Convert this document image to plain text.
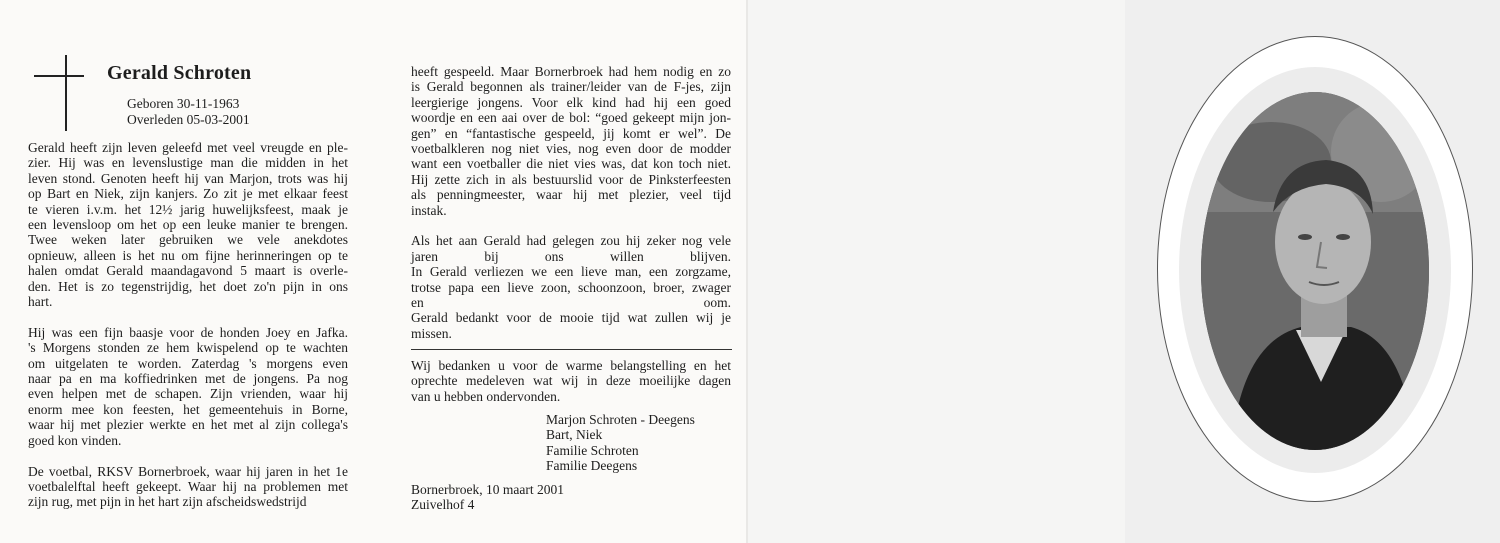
Gerald Schroten
Geboren 30-11-1963
Overleden 05-03-2001

Gerald heeft zijn leven geleefd met veel vreugde en ple-
zier. Hij was en levenslustige man die midden in het
leven stond. Genoten heeft hij van Marjon, trots was hij
op Bart en Niek, zijn kanjers. Zo zit je met elkaar feest
te vieren i.v.m. het 12½ jarig huwelijksfeest, maak je
een levensloop om het op een leuke manier te brengen.
Twee weken later gebruiken we vele anekdotes
opnieuw, alleen is het nu om fijne herinneringen op te
halen omdat Gerald maandagavond 5 maart is overle-
den. Het is zo tegenstrijdig, het doet zo'n pijn in ons
hart.

Hij was een fijn baasje voor de honden Joey en Jafka.
's Morgens stonden ze hem kwispelend op te wachten
om uitgelaten te worden. Zaterdag 's morgens even
naar pa en ma koffiedrinken met de jongens. Pa nog
even helpen met de schapen. Zijn vrienden, waar hij
enorm mee kon feesten, het gemeentehuis in Borne,
waar hij met plezier werkte en het met al zijn collega's
goed kon vinden.

De voetbal, RKSV Bornerbroek, waar hij jaren in het 1e
voetbalelftal heeft gekeept. Waar hij na problemen met
zijn rug, met pijn in het hart zijn afscheidswedstrijd

heeft gespeeld. Maar Bornerbroek had hem nodig en zo
is Gerald begonnen als trainer/leider van de F-jes, zijn
leergierige jongens. Voor elk kind had hij een goed
woordje en een aai over de bol: “goed gekeept mijn jon-
gen” en “fantastische gespeeld, jij komt er wel”. De
voetbalkleren nog niet vies, nog even door de modder
want een voetballer die niet vies was, dat kon toch niet.
Hij zette zich in als bestuurslid voor de Pinksterfeesten
als penningmeester, waar hij met plezier, veel tijd
instak.

Als het aan Gerald had gelegen zou hij zeker nog vele
jaren bij ons willen blijven.
In Gerald verliezen we een lieve man, een zorgzame,
trotse papa een lieve zoon, schoonzoon, broer, zwager
en oom.
Gerald bedankt voor de mooie tijd wat zullen wij je
missen.

Wij bedanken u voor de warme belangstelling en het
oprechte medeleven wat wij in deze moeilijke dagen
van u hebben ondervonden.

Marjon Schroten - Deegens
Bart, Niek
Familie Schroten
Familie Deegens
Bornerbroek, 10 maart 2001
Zuivelhof 4
